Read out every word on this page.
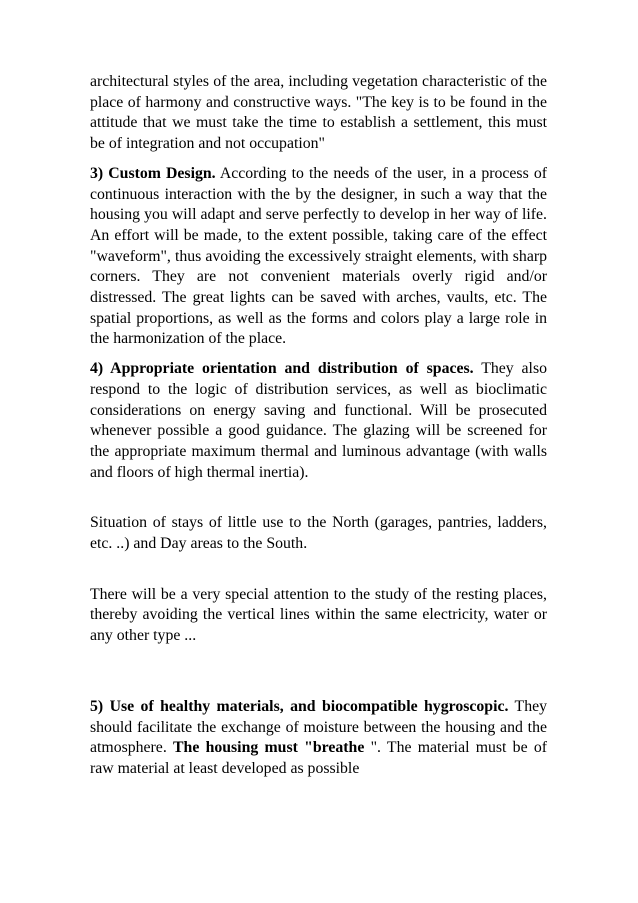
architectural styles of the area, including vegetation characteristic of the place of harmony and constructive ways. "The key is to be found in the attitude that we must take the time to establish a settlement, this must be of integration and not occupation"

3) Custom Design. According to the needs of the user, in a process of continuous interaction with the by the designer, in such a way that the housing you will adapt and serve perfectly to develop in her way of life. An effort will be made, to the extent possible, taking care of the effect "waveform", thus avoiding the excessively straight elements, with sharp corners. They are not convenient materials overly rigid and/or distressed. The great lights can be saved with arches, vaults, etc. The spatial proportions, as well as the forms and colors play a large role in the harmonization of the place.

4) Appropriate orientation and distribution of spaces. They also respond to the logic of distribution services, as well as bioclimatic considerations on energy saving and functional. Will be prosecuted whenever possible a good guidance. The glazing will be screened for the appropriate maximum thermal and luminous advantage (with walls and floors of high thermal inertia).

Situation of stays of little use to the North (garages, pantries, ladders, etc. ..) and Day areas to the South.

There will be a very special attention to the study of the resting places, thereby avoiding the vertical lines within the same electricity, water or any other type ...

5) Use of healthy materials, and biocompatible hygroscopic. They should facilitate the exchange of moisture between the housing and the atmosphere. The housing must "breathe ". The material must be of raw material at least developed as possible
